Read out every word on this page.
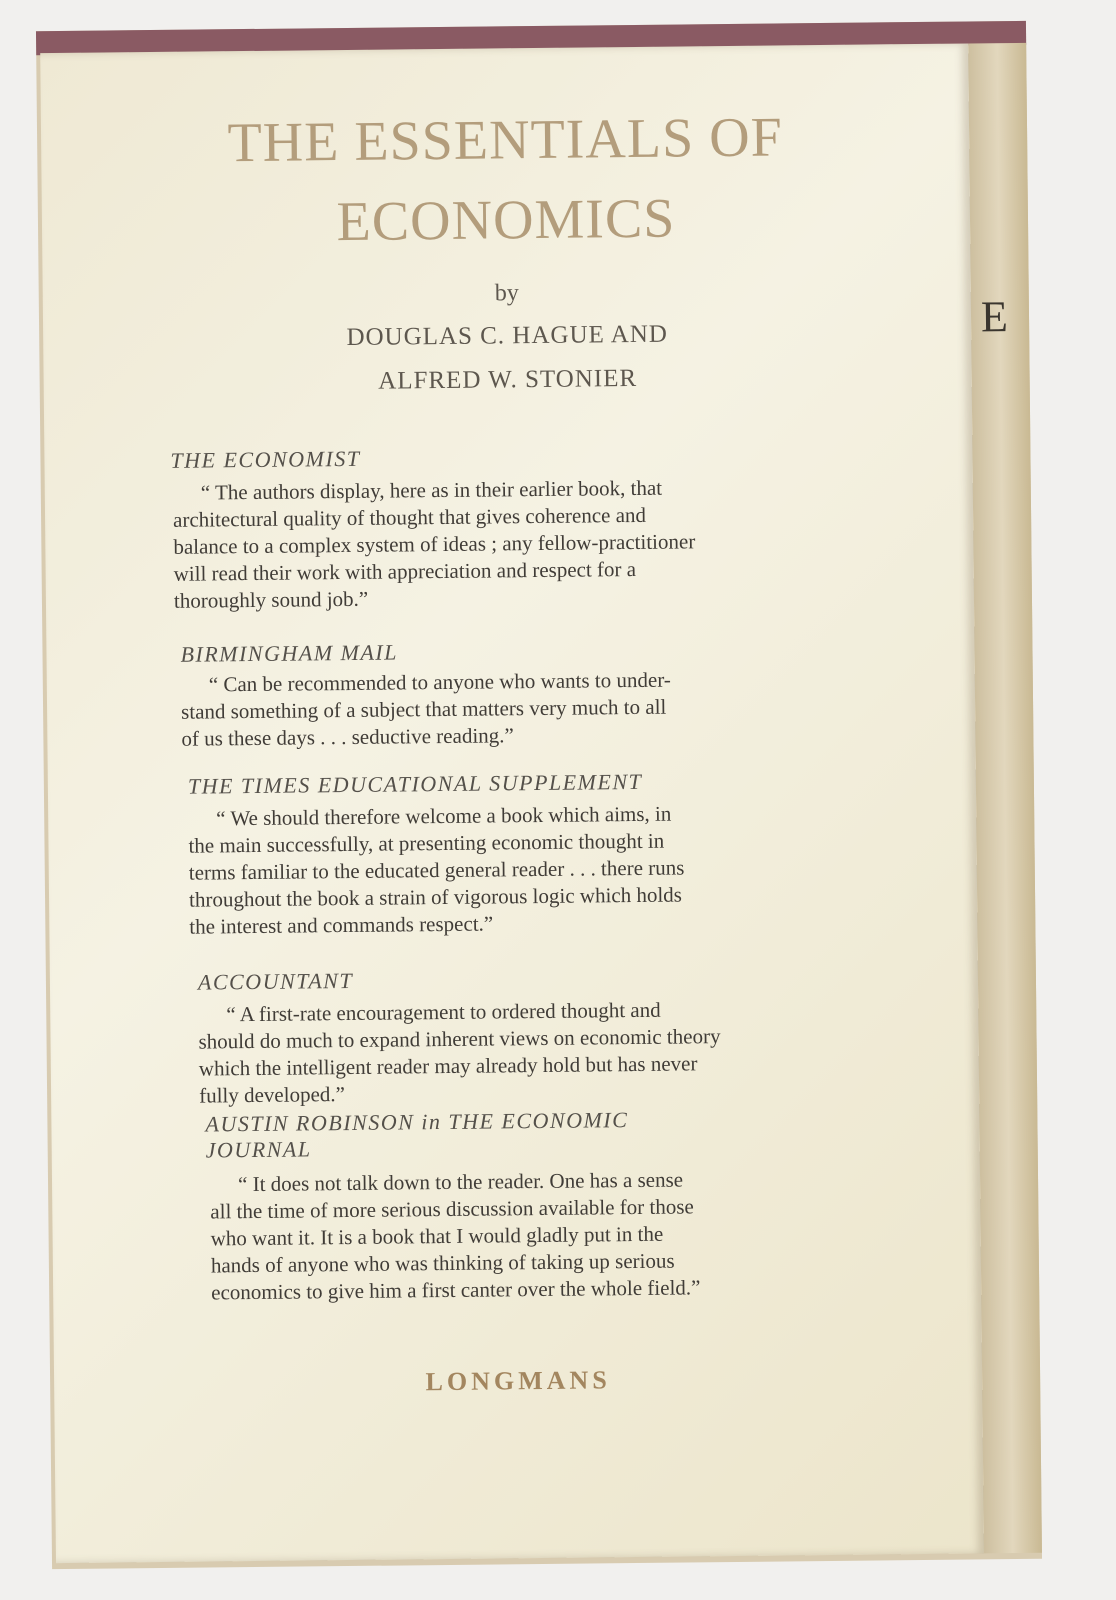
E
THE ESSENTIALS OF
ECONOMICS
by
DOUGLAS C. HAGUE AND
ALFRED W. STONIER
THE ECONOMIST
“ The authors display, here as in their earlier book, that
architectural quality of thought that gives coherence and
balance to a complex system of ideas ; any fellow-practitioner
will read their work with appreciation and respect for a
thoroughly sound job.”
BIRMINGHAM MAIL
“ Can be recommended to anyone who wants to under-
stand something of a subject that matters very much to all
of us these days . . . seductive reading.”
THE TIMES EDUCATIONAL SUPPLEMENT
“ We should therefore welcome a book which aims, in
the main successfully, at presenting economic thought in
terms familiar to the educated general reader . . . there runs
throughout the book a strain of vigorous logic which holds
the interest and commands respect.”
ACCOUNTANT
“ A first-rate encouragement to ordered thought and
should do much to expand inherent views on economic theory
which the intelligent reader may already hold but has never
fully developed.”
AUSTIN ROBINSON in THE ECONOMIC
JOURNAL
“ It does not talk down to the reader. One has a sense
all the time of more serious discussion available for those
who want it. It is a book that I would gladly put in the
hands of anyone who was thinking of taking up serious
economics to give him a first canter over the whole field.”
LONGMANS
